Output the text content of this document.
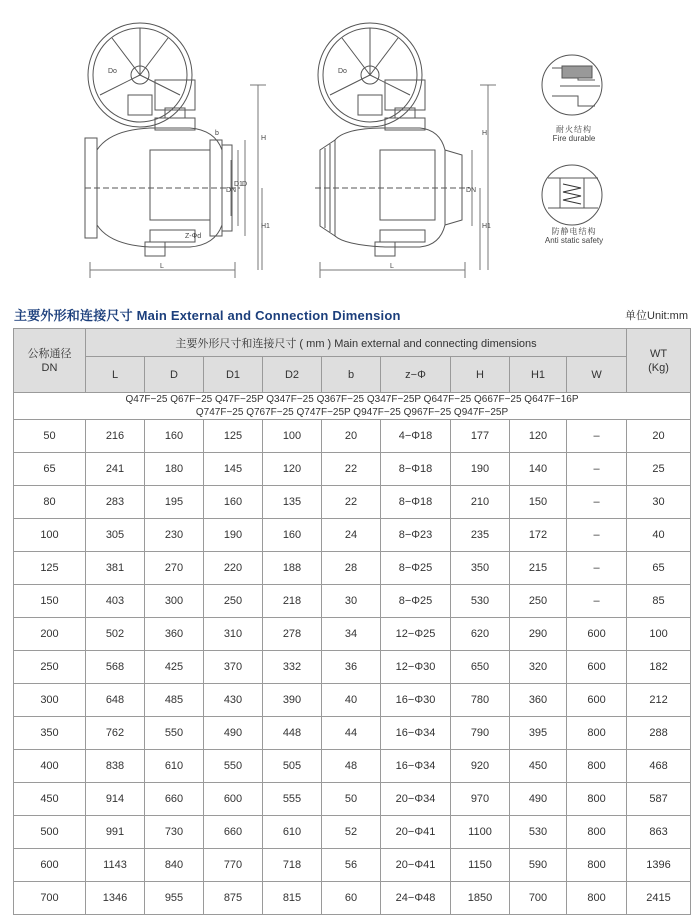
L
Z-Φd
H
H1
DN
D1 D
b
Do
L
H
H1
DN
Do
耐火结构
Fire durable
防静电结构
Anti static safety
主要外形和连接尺寸 Main External and Connection Dimension	单位Unit:mm
公称通径
DN	主要外形尺寸和连接尺寸 ( mm ) Main external and connecting dimensions									WT
(Kg)
	L	D	D1	D2	b	z−Φ	H	H1	W	

Q47F−25 Q67F−25 Q47F−25P Q347F−25 Q367F−25 Q347F−25P Q647F−25 Q667F−25 Q647F−16P
Q747F−25 Q767F−25 Q747F−25P Q947F−25 Q967F−25 Q947F−25P										

50	216	160	125	100	20	4−Φ18	177	120	–	20
65	241	180	145	120	22	8−Φ18	190	140	–	25
80	283	195	160	135	22	8−Φ18	210	150	–	30
100	305	230	190	160	24	8−Φ23	235	172	–	40
125	381	270	220	188	28	8−Φ25	350	215	–	65
150	403	300	250	218	30	8−Φ25	530	250	–	85
200	502	360	310	278	34	12−Φ25	620	290	600	100
250	568	425	370	332	36	12−Φ30	650	320	600	182
300	648	485	430	390	40	16−Φ30	780	360	600	212
350	762	550	490	448	44	16−Φ34	790	395	800	288
400	838	610	550	505	48	16−Φ34	920	450	800	468
450	914	660	600	555	50	20−Φ34	970	490	800	587
500	991	730	660	610	52	20−Φ41	1100	530	800	863
600	1143	840	770	718	56	20−Φ41	1150	590	800	1396
700	1346	955	875	815	60	24−Φ48	1850	700	800	2415
